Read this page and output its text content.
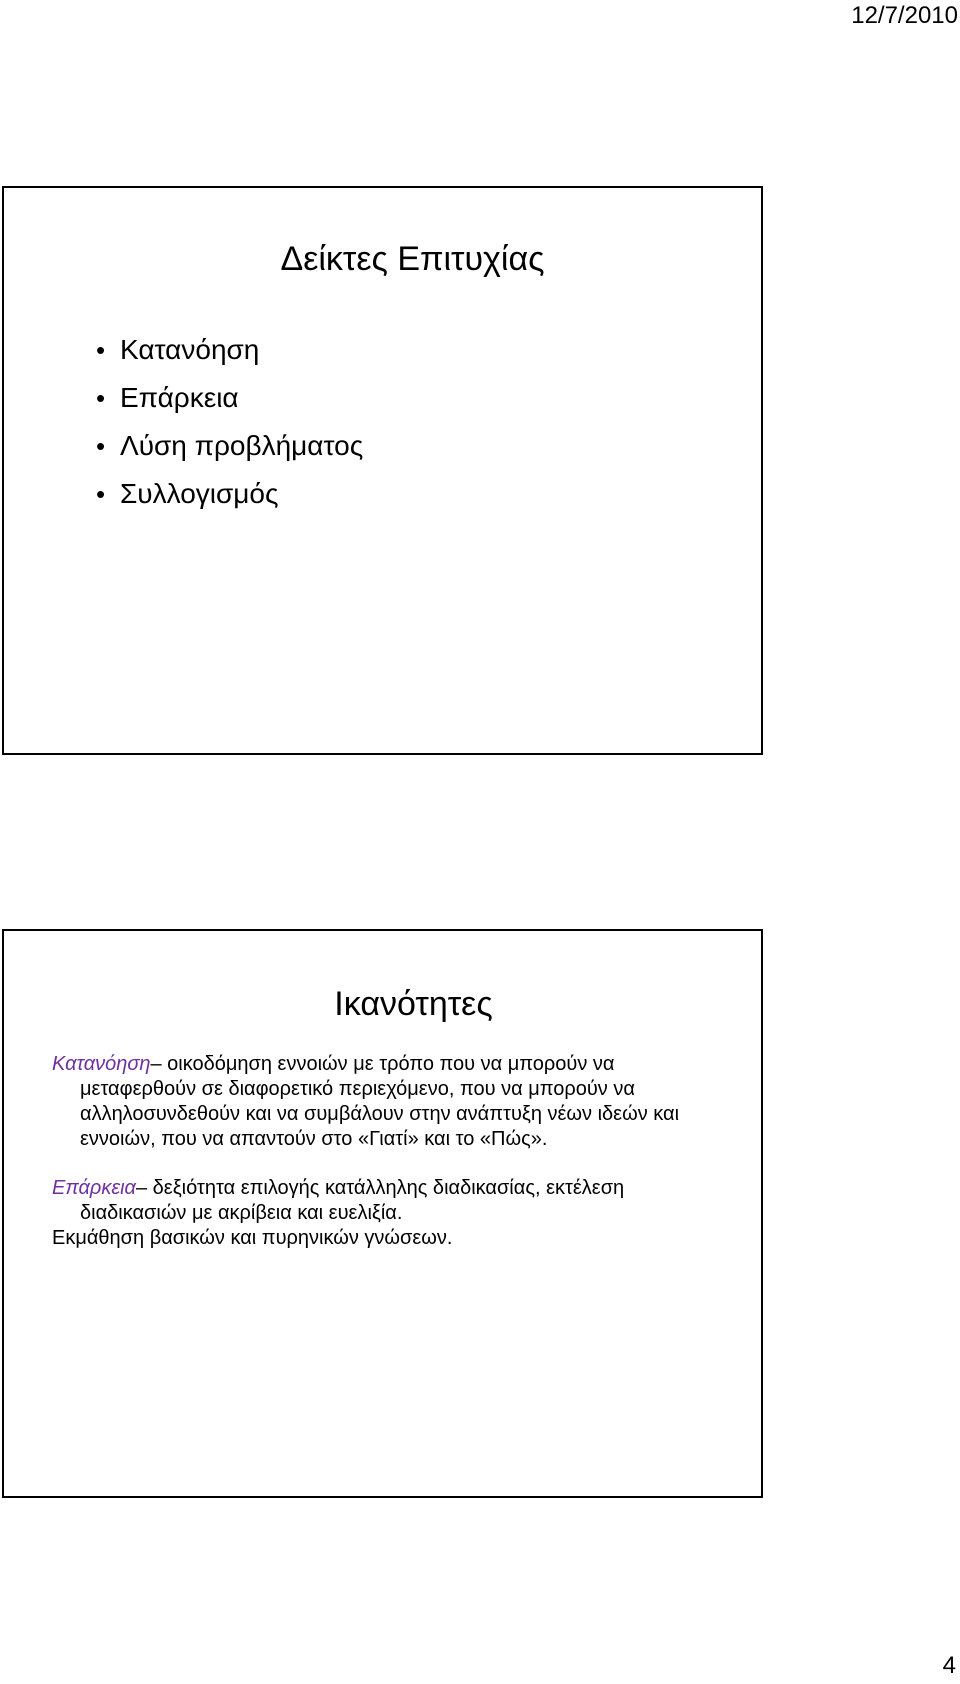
12/7/2010
Δείκτες Επιτυχίας
• Κατανόηση
• Επάρκεια
• Λύση προβλήματος
• Συλλογισμός
Ικανότητες
Κατανόηση– οικοδόμηση εννοιών με τρόπο που να μπορούν να μεταφερθούν σε διαφορετικό περιεχόμενο, που να μπορούν να αλληλοσυνδεθούν και να συμβάλουν στην ανάπτυξη νέων ιδεών και εννοιών, που να απαντούν στο «Γιατί» και το «Πώς».
Επάρκεια– δεξιότητα επιλογής κατάλληλης διαδικασίας, εκτέλεση διαδικασιών με ακρίβεια και ευελιξία.
Εκμάθηση βασικών και πυρηνικών γνώσεων.
4
